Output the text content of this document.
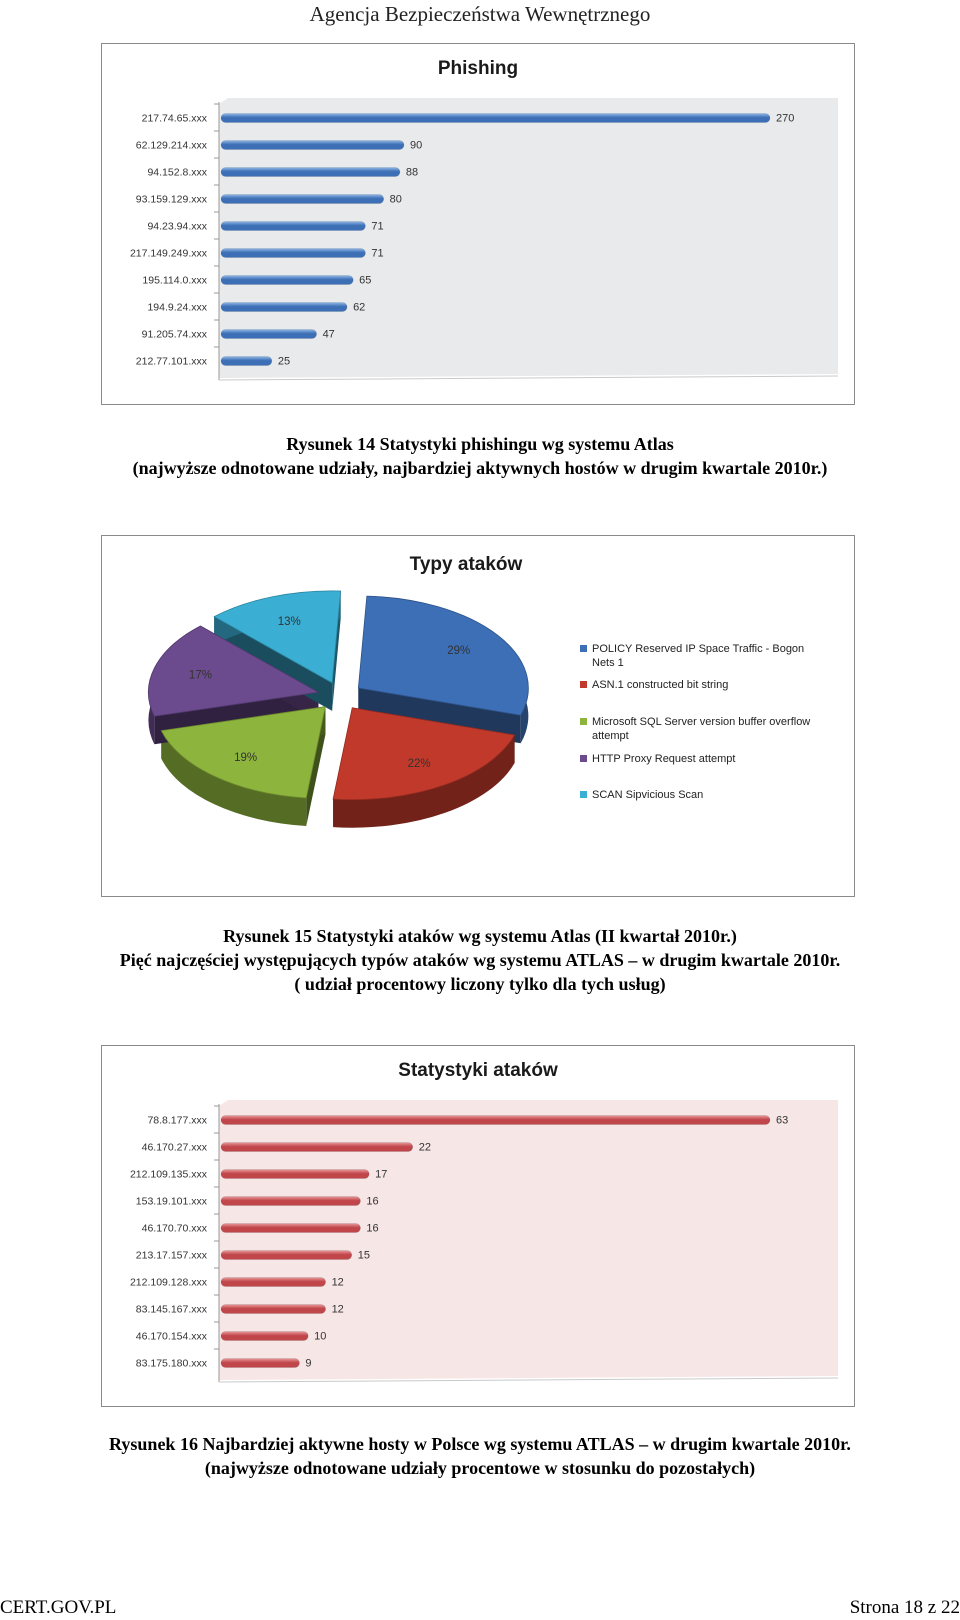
Agencja Bezpieczeństwa Wewnętrznego
Phishing
217.74.65.xxx	270
62.129.214.xxx	90
94.152.8.xxx	88
93.159.129.xxx	80
94.23.94.xxx	71
217.149.249.xxx	71
195.114.0.xxx	65
194.9.24.xxx	62
91.205.74.xxx	47
212.77.101.xxx	25
Rysunek 14 Statystyki phishingu wg systemu Atlas
(najwyższe odnotowane udziały, najbardziej aktywnych hostów w drugim kwartale 2010r.)
Typy ataków
29%
22%
19%
17%
13%
POLICY Reserved IP Space Traffic - Bogon
Nets 1
ASN.1 constructed bit string
Microsoft SQL Server version buffer overflow
attempt
HTTP Proxy Request attempt
SCAN Sipvicious Scan
Rysunek 15 Statystyki ataków wg systemu Atlas (II kwartał 2010r.)
Pięć najczęściej występujących typów ataków wg systemu ATLAS – w drugim kwartale 2010r.
( udział procentowy liczony tylko dla tych usług)
Statystyki ataków
78.8.177.xxx	63
46.170.27.xxx	22
212.109.135.xxx	17
153.19.101.xxx	16
46.170.70.xxx	16
213.17.157.xxx	15
212.109.128.xxx	12
83.145.167.xxx	12
46.170.154.xxx	10
83.175.180.xxx	9
Rysunek 16 Najbardziej aktywne hosty w Polsce wg systemu ATLAS – w drugim kwartale 2010r.
(najwyższe odnotowane udziały procentowe w stosunku do pozostałych)
CERT.GOV.PL	Strona 18 z 22
